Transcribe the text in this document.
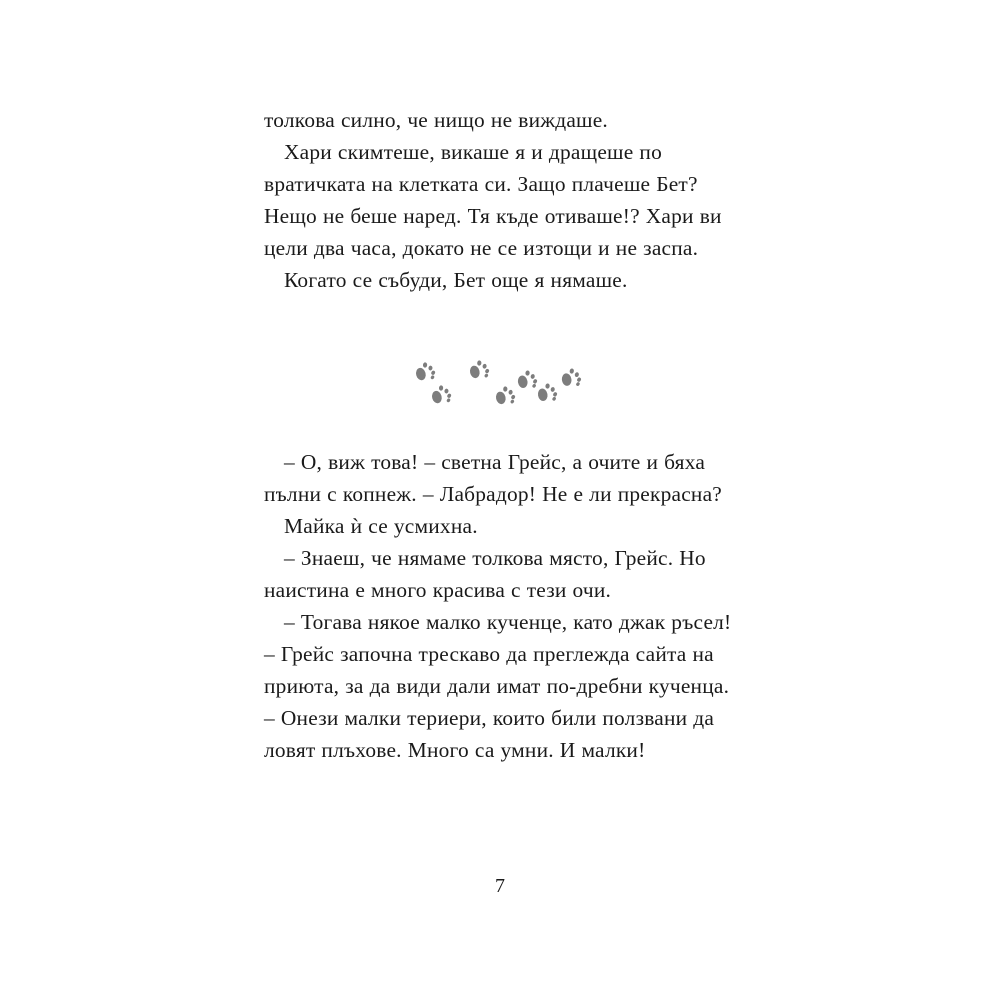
толкова силно, че нищо не виждаше.

Хари скимтеше, викаше я и дращеше по вратичката на клетката си. Защо плачеше Бет? Нещо не беше наред. Тя къде отиваше!? Хари ви цели два часа, докато не се изтощи и не заспа.

Когато се събуди, Бет още я нямаше.

– О, виж това! – светна Грейс, а очите и бяха пълни с копнеж. – Лабрадор! Не е ли прекрасна?

Майка ѝ се усмихна.

– Знаеш, че нямаме толкова място, Грейс. Но наистина е много красива с тези очи.

– Тогава някое малко кученце, като джак ръсел! – Грейс започна трескаво да преглежда сайта на приюта, за да види дали имат по-дребни кученца. – Онези малки териери, които били ползвани да ловят плъхове. Много са умни. И малки!

7
